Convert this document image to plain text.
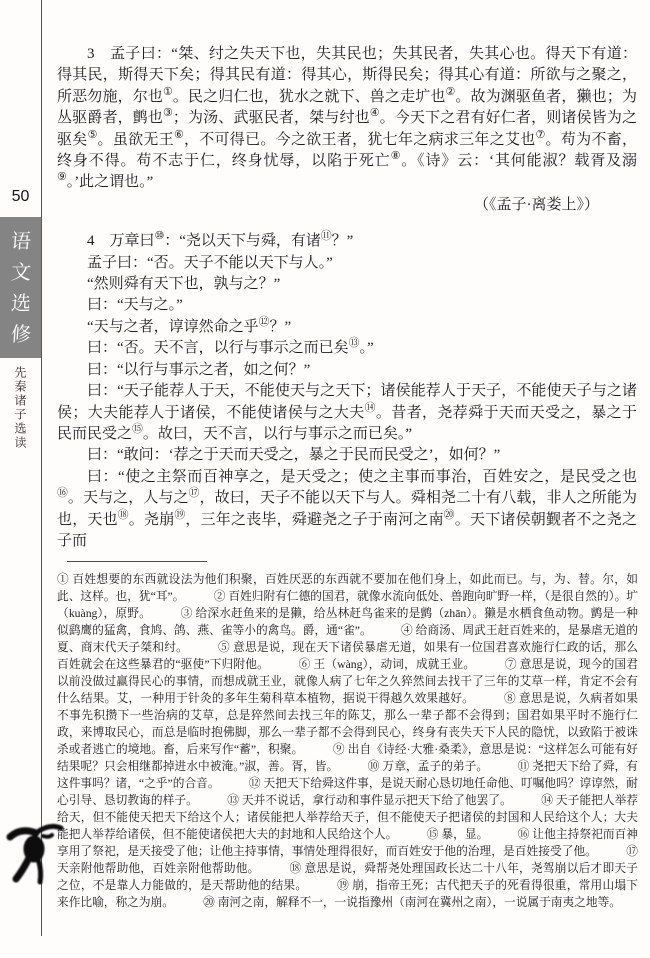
50
语
文
选
修
先秦诸子选读

3　孟子曰：“桀、纣之失天下也，失其民也；失其民者，失其心也。得天下有道：得其民，斯得天下矣；得其民有道：得其心，斯得民矣；得其心有道：所欲与之聚之，所恶勿施，尔也①。民之归仁也，犹水之就下、兽之走圹也②。故为渊驱鱼者，獭也；为丛驱爵者，鹯也③；为汤、武驱民者，桀与纣也④。今天下之君有好仁者，则诸侯皆为之驱矣⑤。虽欲无王⑥，不可得已。今之欲王者，犹七年之病求三年之艾也⑦。苟为不畜，终身不得。苟不志于仁，终身忧辱，以陷于死亡⑧。《诗》云：‘其何能淑？载胥及溺⑨。’此之谓也。”

（《孟子·离娄上》）

4　万章曰⑩：“尧以天下与舜，有诸⑪？”

孟子曰：“否。天子不能以天下与人。”

“然则舜有天下也，孰与之？”

曰：“天与之。”

“天与之者，谆谆然命之乎⑫？”

曰：“否。天不言，以行与事示之而已矣⑬。”

曰：“以行与事示之者，如之何？”

曰：“天子能荐人于天，不能使天与之天下；诸侯能荐人于天子，不能使天子与之诸侯；大夫能荐人于诸侯，不能使诸侯与之大夫⑭。昔者，尧荐舜于天而天受之，暴之于民而民受之⑮。故曰，天不言，以行与事示之而已矣。”

曰：“敢问：‘荐之于天而天受之，暴之于民而民受之’，如何？”

曰：“使之主祭而百神享之，是天受之；使之主事而事治，百姓安之，是民受之也⑯。天与之，人与之⑰，故曰，天子不能以天下与人。舜相尧二十有八载，非人之所能为也，天也⑱。尧崩⑲，三年之丧毕，舜避尧之子于南河之南⑳。天下诸侯朝觐者不之尧之子而

① 百姓想要的东西就设法为他们积聚，百姓厌恶的东西就不要加在他们身上，如此而已。与，为、替。尔，如此、这样。也，犹“耳”。　　　	② 百姓归附有仁德的国君，就像水流向低处、兽跑向旷野一样，（是很自然的）。圹（kuàng），原野。　　　	③ 给深水赶鱼来的是獭，给丛林赶鸟雀来的是鹯（zhān）。獭是水栖食鱼动物。鹯是一种似鹞鹰的猛禽，食鸠、鸽、燕、雀等小的禽鸟。爵，通“雀”。　　　	④ 给商汤、周武王赶百姓来的，是暴虐无道的夏、商末代天子桀和纣。　　　	⑤ 意思是说，现在天下诸侯暴虐无道，如果有一位国君喜欢施行仁政的话，那么百姓就会在这些暴君的“驱使”下归附他。　　　	⑥ 王（wàng），动词，成就王业。　　　	⑦ 意思是说，现今的国君以前没做过赢得民心的事情，而想成就王业，就像人病了七年之久猝然间去找干了三年的艾草一样，肯定不会有什么结果。艾，一种用于针灸的多年生菊科草本植物，据说干得越久效果越好。　　　	⑧ 意思是说，久病者如果不事先积攒下一些治病的艾草，总是猝然间去找三年的陈艾，那么一辈子都不会得到；国君如果平时不施行仁政，来博取民心，而总是临时抱佛脚，那么一辈子都不会得到民心，终身有丧失天下人民的隐忧，以致陷于被诛杀或者逃亡的境地。畜，后来写作“蓄”，积聚。　　　	⑨ 出自《诗经·大雅·桑柔》，意思是说：“这样怎么可能有好结果呢？只会相继都掉进水中被淹。”淑，善。胥，皆。　　　	⑩ 万章，孟子的弟子。　　　	⑪ 尧把天下给了舜，有这件事吗？诸，“之乎”的合音。　　　	⑫ 天把天下给舜这件事，是说天耐心恳切地任命他、叮嘱他吗？谆谆然，耐心引导、恳切教诲的样子。　　　	⑬ 天并不说话，拿行动和事件显示把天下给了他罢了。　　　	⑭ 天子能把人举荐给天，但不能使天把天下给这个人；诸侯能把人举荐给天子，但不能使天子把诸侯的封国和人民给这个人；大夫能把人举荐给诸侯，但不能使诸侯把大夫的封地和人民给这个人。　　　	⑮ 暴，显。　　　	⑯ 让他主持祭祀而百神享用了祭祀，是天接受了他；让他主持事情，事情处理得很好，而百姓安于他的治理，是百姓接受了他。　　　	⑰ 天亲附他帮助他，百姓亲附他帮助他。　　　	⑱ 意思是说，舜帮尧处理国政长达二十八年，尧驾崩以后才即天子之位，不是靠人力能做的，是天帮助他的结果。　　　	⑲ 崩，指帝王死；古代把天子的死看得很重，常用山塌下来作比喻，称之为崩。　　　	⑳ 南河之南，解释不一，一说指豫州（南河在冀州之南），一说属于南夷之地等。
